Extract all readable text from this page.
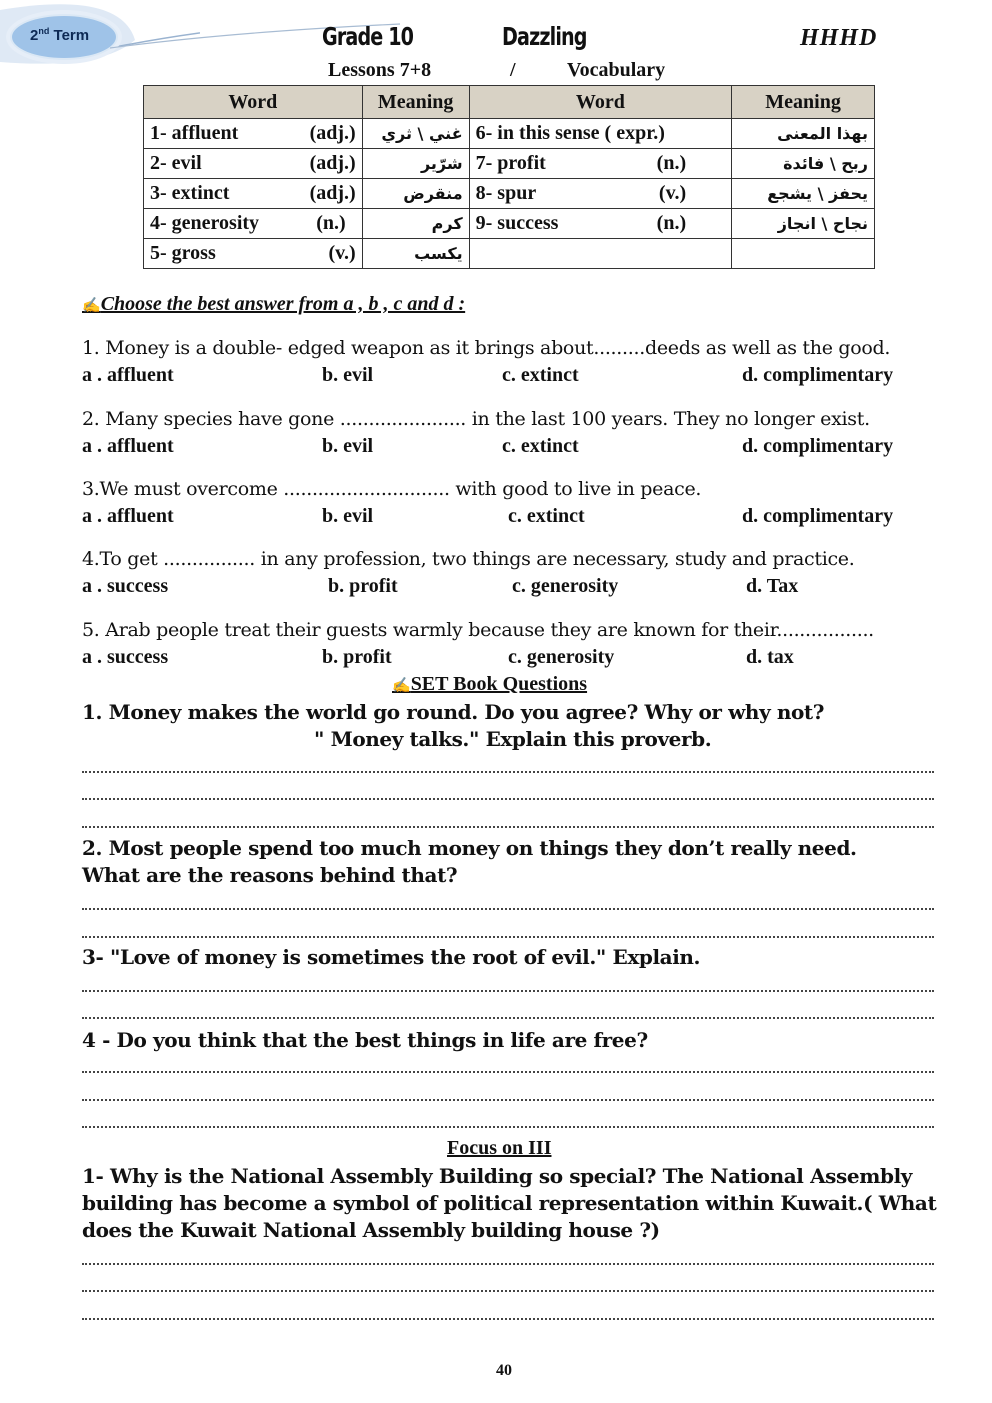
2nd Term	Grade 10	Dazzling	HHHD
Lessons 7+8	/	Vocabulary
Word	Meaning	Word	Meaning
1- affluent (adj.)	غني \ ثري	6- in this sense ( expr.)	بهذا المعنى
2- evil (adj.)	شرّير	7- profit (n.)	ربح \ فائدة
3- extinct (adj.)	منقرض	8- spur (v.)	يحفز \ يشجع
4- generosity (n.)	كرم	9- success (n.)	نجاح \ انجاز
5- gross (v.)	يكسب		
✍Choose the best answer from a , b , c and d :
1. Money is a double- edged weapon as it brings about.........deeds as well as the good.
a . affluent	b. evil	c. extinct	d. complimentary
2. Many species have gone ...................... in the last 100 years. They no longer exist.
a . affluent	b. evil	c. extinct	d. complimentary
3.We must overcome ............................. with good to live in peace.
a . affluent	b. evil	c. extinct	d. complimentary
4.To get ................ in any profession, two things are necessary, study and practice.
a . success	b. profit	c. generosity	d. Tax
5. Arab people treat their guests warmly because they are known for their.................
a . success	b. profit	c. generosity	d. tax
✍SET Book Questions
1. Money makes the world go round. Do you agree? Why or why not?
" Money talks." Explain this proverb.
2. Most people spend too much money on things they don’t really need.
What are the reasons behind that?
3- "Love of money is sometimes the root of evil." Explain.
4 - Do you think that the best things in life are free?
Focus on III
1- Why is the National Assembly Building so special? The National Assembly
building has become a symbol of political representation within Kuwait.( What
does the Kuwait National Assembly building house ?)
40
